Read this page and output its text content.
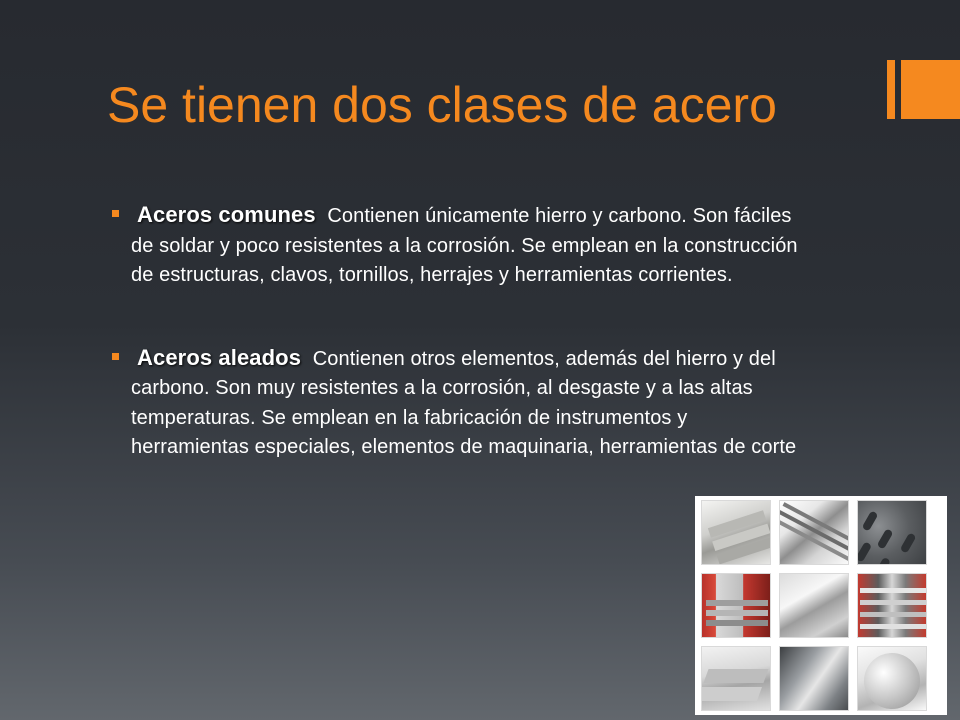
Se tienen dos clases de acero

Aceros comunes Contienen únicamente hierro y carbono. Son fáciles de soldar y poco resistentes a la corrosión. Se emplean en la construcción de estructuras, clavos, tornillos, herrajes y herramientas corrientes.

Aceros aleados Contienen otros elementos, además del hierro y del carbono. Son muy resistentes a la corrosión, al desgaste y a las altas temperaturas. Se emplean en la fabricación de instrumentos y herramientas especiales, elementos de maquinaria, herramientas de corte
